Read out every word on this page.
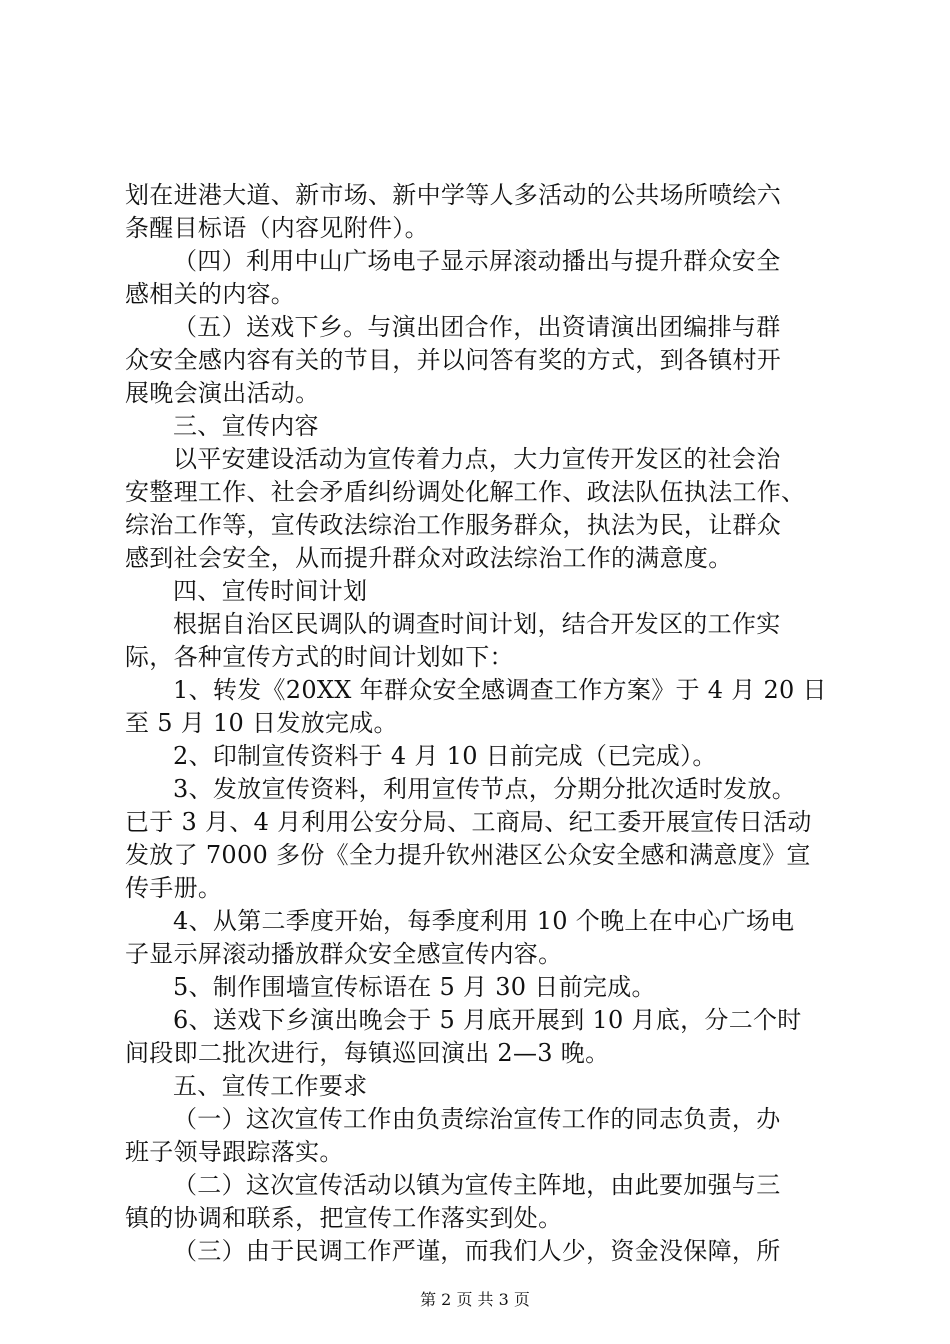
划在进港大道、新市场、新中学等人多活动的公共场所喷绘六
条醒目标语（内容见附件）。
（四）利用中山广场电子显示屏滚动播出与提升群众安全
感相关的内容。
（五）送戏下乡。与演出团合作，出资请演出团编排与群
众安全感内容有关的节目，并以问答有奖的方式，到各镇村开
展晚会演出活动。
三、宣传内容
以平安建设活动为宣传着力点，大力宣传开发区的社会治
安整理工作、社会矛盾纠纷调处化解工作、政法队伍执法工作、
综治工作等，宣传政法综治工作服务群众，执法为民，让群众
感到社会安全，从而提升群众对政法综治工作的满意度。
四、宣传时间计划
根据自治区民调队的调查时间计划，结合开发区的工作实
际，各种宣传方式的时间计划如下：
1、转发《20XX 年群众安全感调查工作方案》于 4 月 20 日
至 5 月 10 日发放完成。
2、印制宣传资料于 4 月 10 日前完成（已完成）。
3、发放宣传资料，利用宣传节点，分期分批次适时发放。
已于 3 月、4 月利用公安分局、工商局、纪工委开展宣传日活动
发放了 7000 多份《全力提升钦州港区公众安全感和满意度》宣
传手册。
4、从第二季度开始，每季度利用 10 个晚上在中心广场电
子显示屏滚动播放群众安全感宣传内容。
5、制作围墙宣传标语在 5 月 30 日前完成。
6、送戏下乡演出晚会于 5 月底开展到 10 月底，分二个时
间段即二批次进行，每镇巡回演出 2—3 晚。
五、宣传工作要求
（一）这次宣传工作由负责综治宣传工作的同志负责，办
班子领导跟踪落实。
（二）这次宣传活动以镇为宣传主阵地，由此要加强与三
镇的协调和联系，把宣传工作落实到处。
（三）由于民调工作严谨，而我们人少，资金没保障，所
第 2 页 共 3 页
